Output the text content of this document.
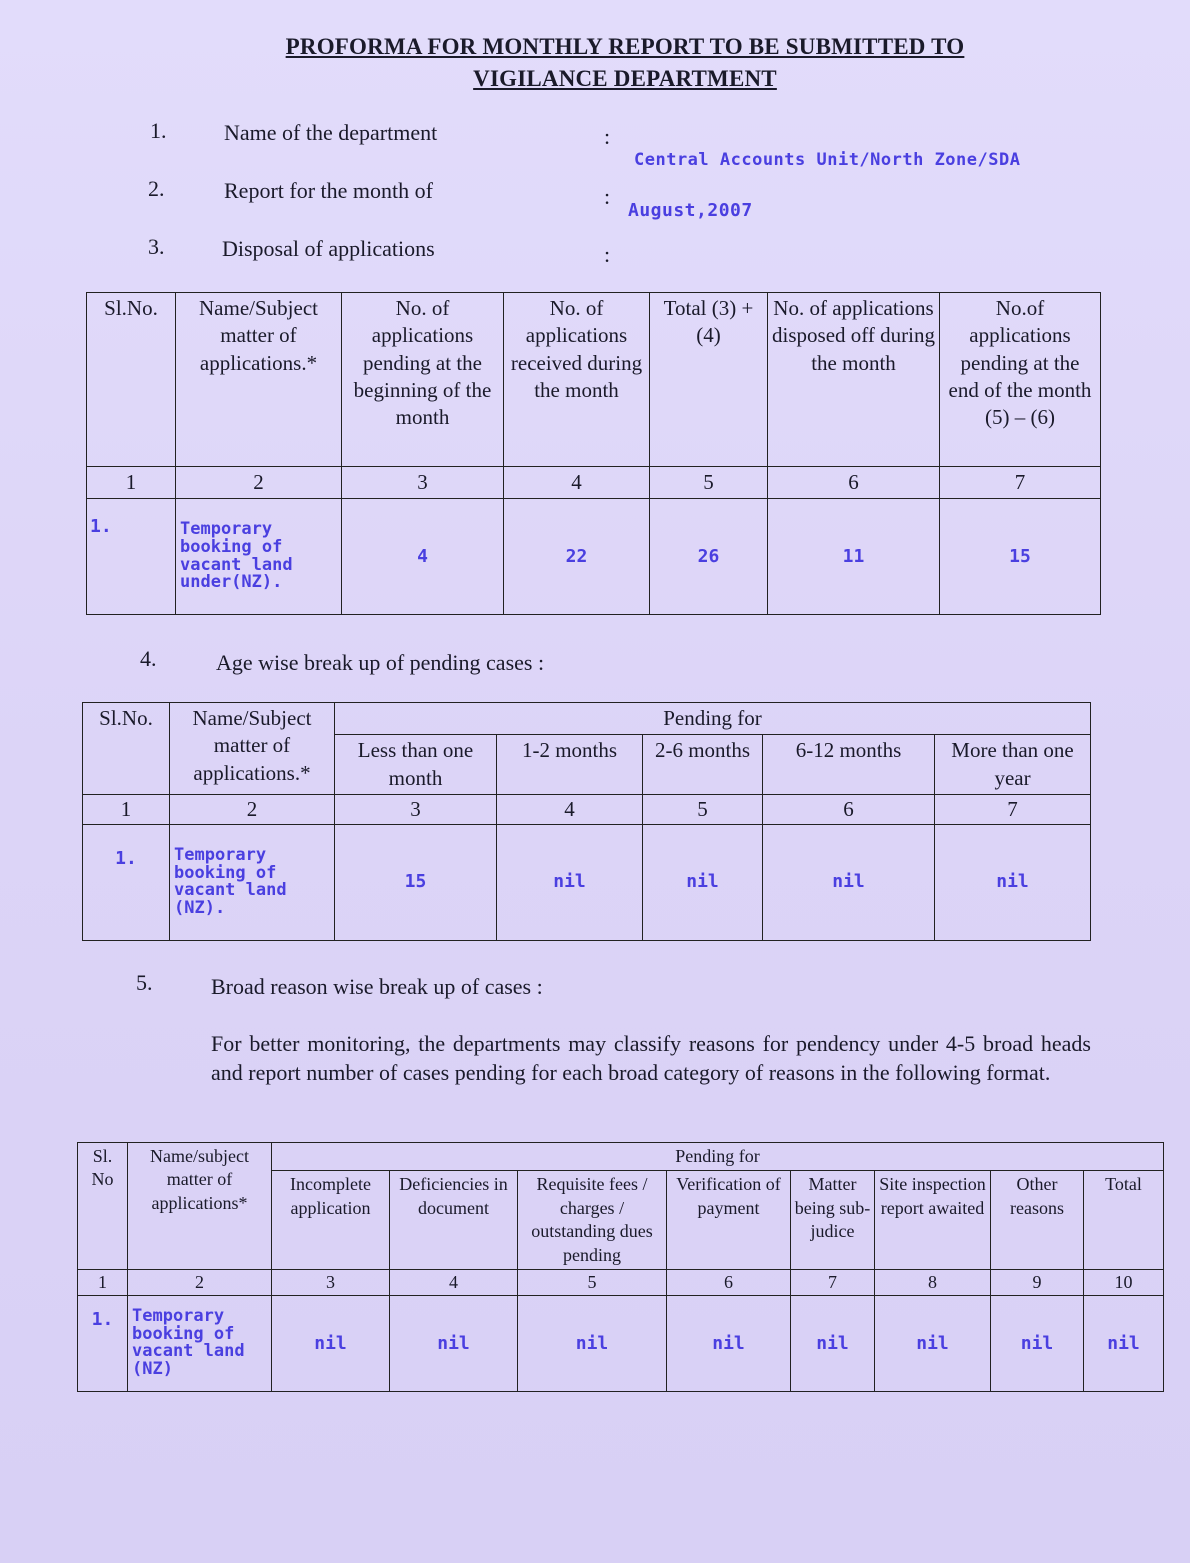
PROFORMA FOR MONTHLY REPORT TO BE SUBMITTED TO
VIGILANCE DEPARTMENT
1.	Name of the department	:
Central Accounts Unit/North Zone/SDA
2.	Report for the month of	:
August,2007
3.	Disposal of applications	:
Sl.No.	Name/Subject matter of applications.*	No. of applications pending at the beginning of the month	No. of applications received during the month	Total (3) +(4)	No. of applications disposed off during the month	No.of applications pending at the end of the month (5) – (6)
1	2	3	4	5	6	7
1.	Temporary booking of vacant land under(NZ).	4	22	26	11	15
4.	Age wise break up of pending cases :
Sl.No.	Name/Subject matter of applications.*	Pending for				
		Less than one month	1-2 months	2-6 months	6-12 months	More than one year
1	2	3	4	5	6	7
1.	Temporary booking of vacant land (NZ).	15	nil	nil	nil	nil
5.	Broad reason wise break up of cases :
For better monitoring, the departments may classify reasons for pendency under 4-5 broad heads and report number of cases pending for each broad category of reasons in the following format.
Sl. No	Name/subject matter of applications*	Pending for							
		Incomplete application	Deficiencies in document	Requisite fees / charges / outstanding dues pending	Verification of payment	Matter being sub-judice	Site inspection report awaited	Other reasons	Total
1	2	3	4	5	6	7	8	9	10
1.	Temporary booking of vacant land (NZ)	nil	nil	nil	nil	nil	nil	nil	nil
